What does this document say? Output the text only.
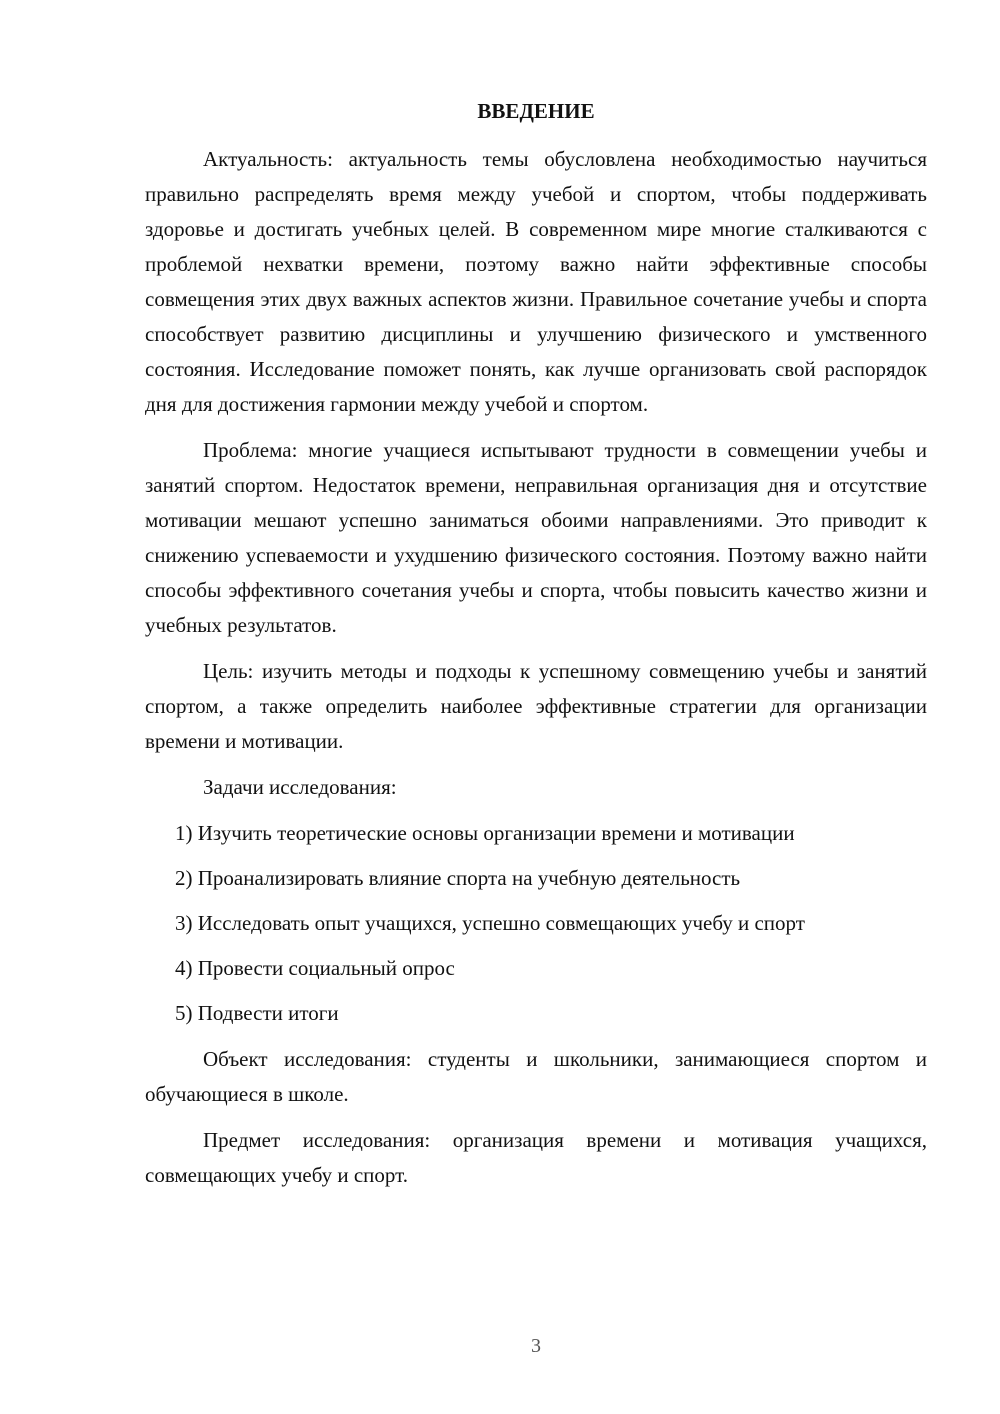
ВВЕДЕНИЕ

Актуальность: актуальность темы обусловлена необходимостью научиться правильно распределять время между учебой и спортом, чтобы поддерживать здоровье и достигать учебных целей. В современном мире многие сталкиваются с проблемой нехватки времени, поэтому важно найти эффективные способы совмещения этих двух важных аспектов жизни. Правильное сочетание учебы и спорта способствует развитию дисциплины и улучшению физического и умственного состояния. Исследование поможет понять, как лучше организовать свой распорядок дня для достижения гармонии между учебой и спортом.

Проблема: многие учащиеся испытывают трудности в совмещении учебы и занятий спортом. Недостаток времени, неправильная организация дня и отсутствие мотивации мешают успешно заниматься обоими направлениями. Это приводит к снижению успеваемости и ухудшению физического состояния. Поэтому важно найти способы эффективного сочетания учебы и спорта, чтобы повысить качество жизни и учебных результатов.

Цель: изучить методы и подходы к успешному совмещению учебы и занятий спортом, а также определить наиболее эффективные стратегии для организации времени и мотивации.

Задачи исследования:

1) Изучить теоретические основы организации времени и мотивации
2) Проанализировать влияние спорта на учебную деятельность
3) Исследовать опыт учащихся, успешно совмещающих учебу и спорт
4) Провести социальный опрос
5) Подвести итоги

Объект исследования: студенты и школьники, занимающиеся спортом и обучающиеся в школе.

Предмет исследования: организация времени и мотивация учащихся, совмещающих учебу и спорт.

3
